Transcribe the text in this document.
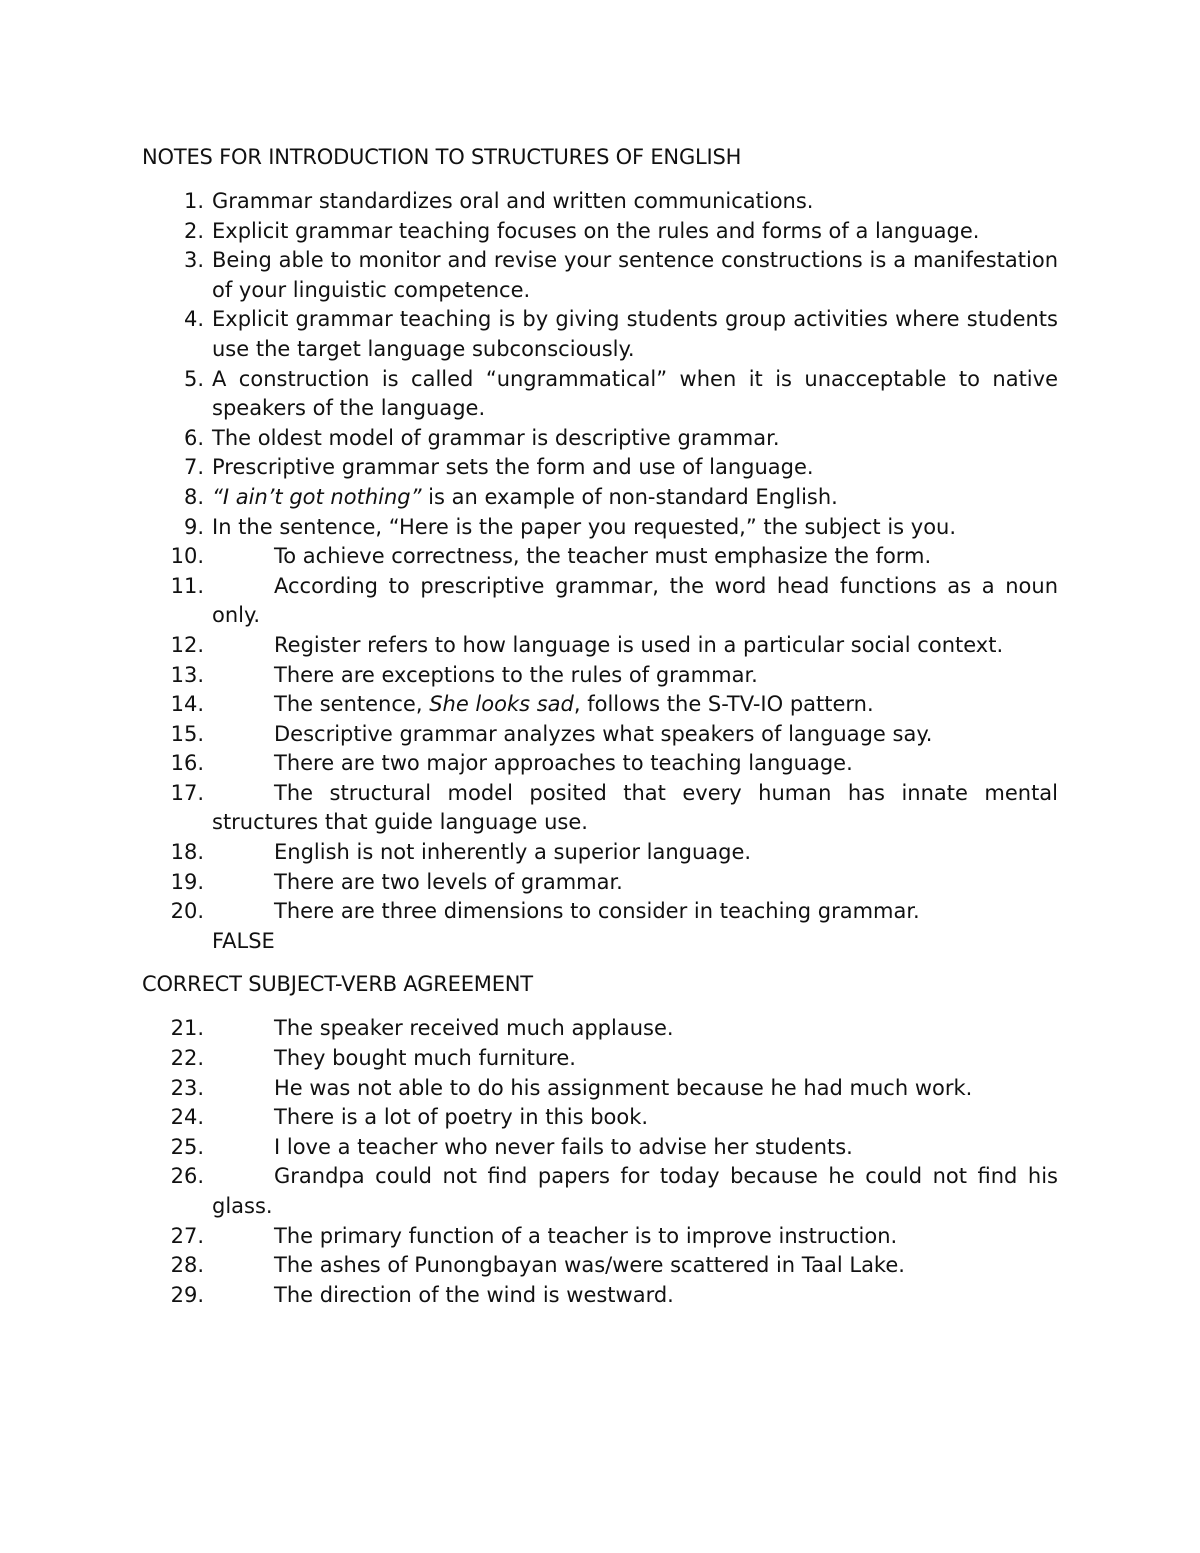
NOTES FOR INTRODUCTION TO STRUCTURES OF ENGLISH
1. Grammar standardizes oral and written communications.
2. Explicit grammar teaching focuses on the rules and forms of a language.
3. Being able to monitor and revise your sentence constructions is a manifestation of your linguistic competence.
4. Explicit grammar teaching is by giving students group activities where students use the target language subconsciously.
5. A construction is called “ungrammatical” when it is unacceptable to native speakers of the language.
6. The oldest model of grammar is descriptive grammar.
7. Prescriptive grammar sets the form and use of language.
8. “I ain’t got nothing” is an example of non-standard English.
9. In the sentence, “Here is the paper you requested,” the subject is you.
10.	To achieve correctness, the teacher must emphasize the form.
11.	According to prescriptive grammar, the word head functions as a noun only.
12.	Register refers to how language is used in a particular social context.
13.	There are exceptions to the rules of grammar.
14.	The sentence, She looks sad, follows the S-TV-IO pattern.
15.	Descriptive grammar analyzes what speakers of language say.
16.	There are two major approaches to teaching language.
17.	The structural model posited that every human has innate mental structures that guide language use.
18.	English is not inherently a superior language.
19.	There are two levels of grammar.
20.	There are three dimensions to consider in teaching grammar.
FALSE
CORRECT SUBJECT-VERB AGREEMENT
21.	The speaker received much applause.
22.	They bought much furniture.
23.	He was not able to do his assignment because he had much work.
24.	There is a lot of poetry in this book.
25.	I love a teacher who never fails to advise her students.
26.	Grandpa could not find papers for today because he could not find his glass.
27.	The primary function of a teacher is to improve instruction.
28.	The ashes of Punongbayan was/were scattered in Taal Lake.
29.	The direction of the wind is westward.
